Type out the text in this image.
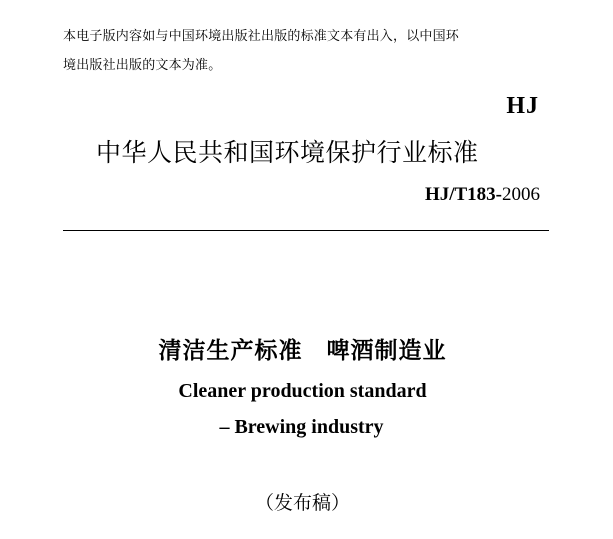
本电子版内容如与中国环境出版社出版的标准文本有出入，以中国环
境出版社出版的文本为准。
HJ
中华人民共和国环境保护行业标准
HJ/T183-2006
清洁生产标准　啤酒制造业
Cleaner production standard
– Brewing industry
（发布稿）
